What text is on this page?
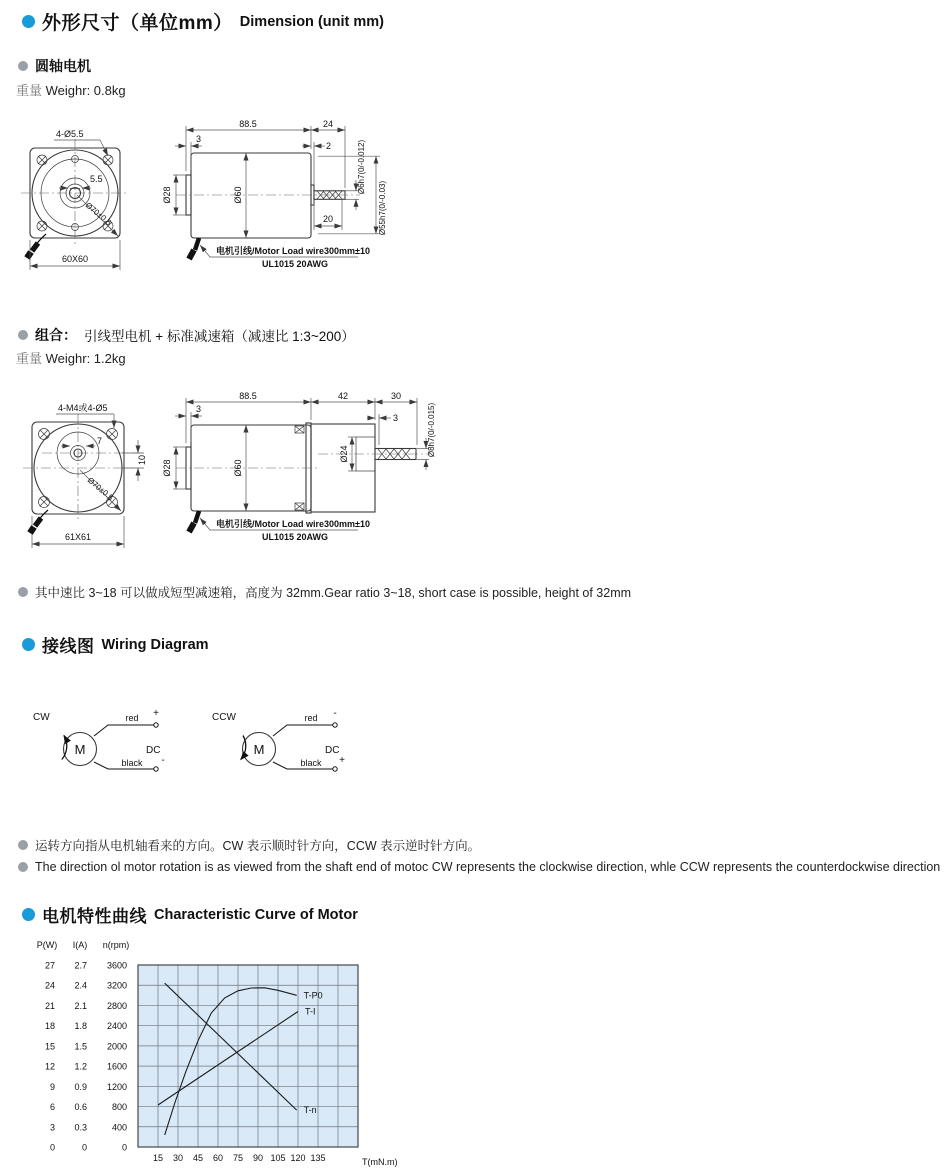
外形尺寸（单位mm） Dimension (unit mm)
圆轴电机
重量 Weighr: 0.8kg
4-Ø5.5
5.5
Ø70±0.5
60X60
88.5	24
3
2
Ø28	Ø60
20
Ø6h7(0/-0.012)
Ø55h7(0/-0.03)
电机引线/Motor Load wire300mm±10
UL1015 20AWG
组合： 引线型电机 + 标准减速箱（减速比 1:3~200）
重量 Weighr: 1.2kg
4-M4或4-Ø5
7
10
Ø70±0.5
61X61
88.5	42	30
3
3
Ø28	Ø60
Ø24	Ø8h7(0/-0.015)
电机引线/Motor Load wire300mm±10
UL1015 20AWG
其中速比 3~18 可以做成短型减速箱，高度为 32mm.Gear ratio 3~18, short case is possible, height of 32mm
接线图 Wiring Diagram
CW
M
red +
black -
DC
CCW
M
red -
black +
DC
运转方向指从电机轴看来的方向。CW 表示顺时针方向，CCW 表示逆时针方向。
The direction ol motor rotation is as viewed from the shaft end of motoc CW represents the clockwise direction, whle CCW represents the counterdockwise direction
电机特性曲线 Characteristic Curve of Motor
P(W)
27
24
21
18
15
12
9
6
3
0
I(A)
2.7
2.4
2.1
1.8
1.5
1.2
0.9
0.6
0.3
0
n(rpm)
3600
3200
2800
2400
2000
1600
1200
800
400
0
15 30 45 60 75 90 105 120 135	T(mN.m)
T-P0
T-I
T-n
